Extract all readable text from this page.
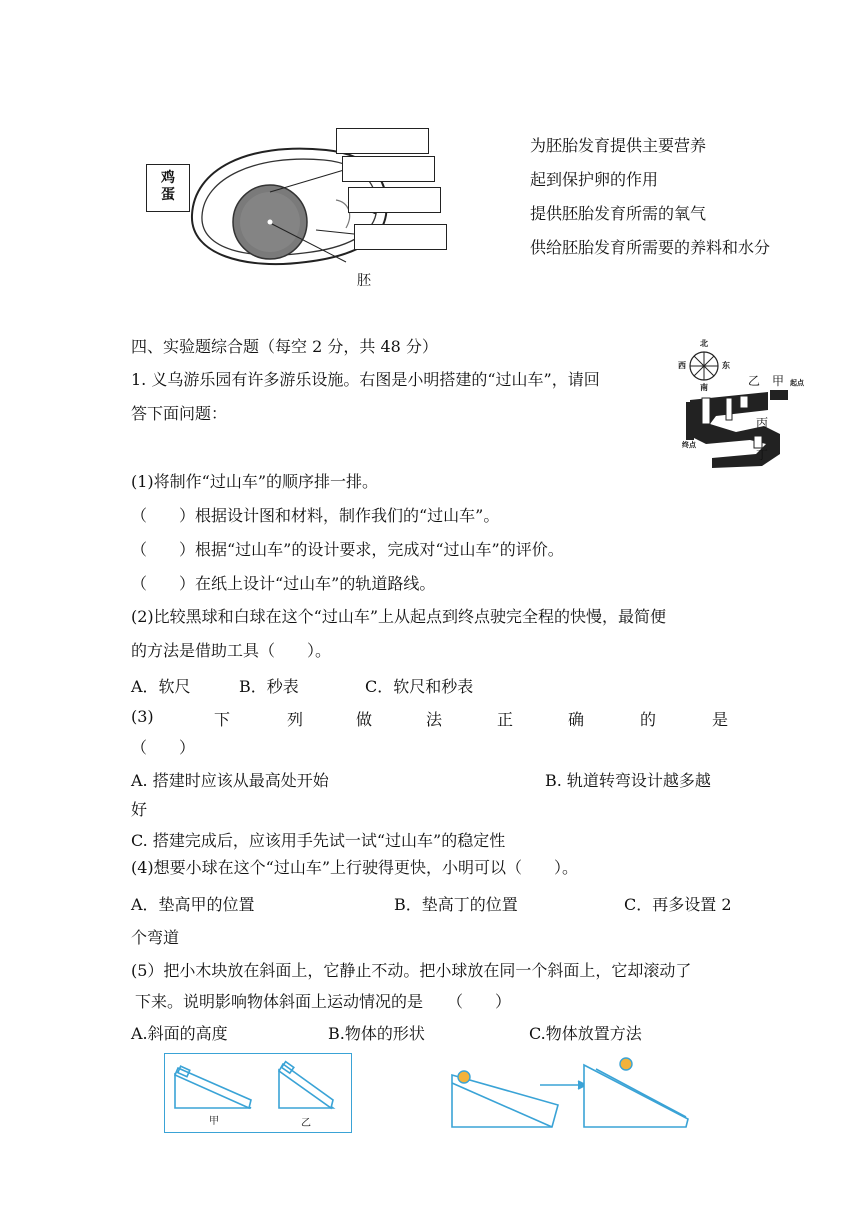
鸡蛋
胚
为胚胎发育提供主要营养
起到保护卵的作用
提供胚胎发育所需的氧气
供给胚胎发育所需要的养料和水分
四、实验题综合题（每空 2 分，共 48 分）
1. 义乌游乐园有许多游乐设施。右图是小明搭建的“过山车”，请回
答下面问题：
北
东
西
南	乙 甲 起点
丙
丁
终点
(1)将制作“过山车”的顺序排一排。
（　　）根据设计图和材料，制作我们的“过山车”。
（　　）根据“过山车”的设计要求，完成对“过山车”的评价。
（　　）在纸上设计“过山车”的轨道路线。
(2)比较黑球和白球在这个“过山车”上从起点到终点驶完全程的快慢，最简便
的方法是借助工具（　　）。
A．软尺	B．秒表	C．软尺和秒表
(3)	下	列	做	法	正	确	的	是
（　　）
A. 搭建时应该从最高处开始	B. 轨道转弯设计越多越
好
C. 搭建完成后，应该用手先试一试“过山车”的稳定性
(4)想要小球在这个“过山车”上行驶得更快，小明可以（　　）。
A．垫高甲的位置	B．垫高丁的位置	C．再多设置 2
个弯道
(5）把小木块放在斜面上，它静止不动。把小球放在同一个斜面上，它却滚动了
下来。说明影响物体斜面上运动情况的是　　（　　）
A.斜面的高度	B.物体的形状	C.物体放置方法
甲	乙
